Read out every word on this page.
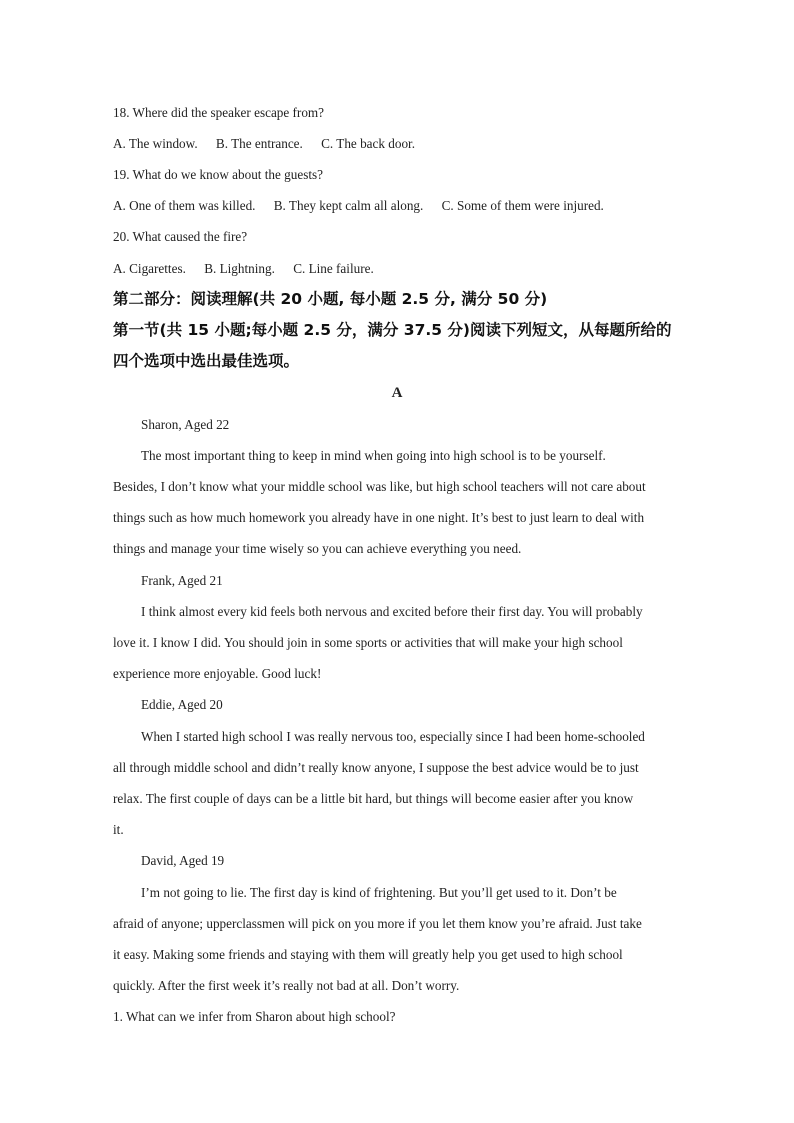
18. Where did the speaker escape from?
A. The window. B. The entrance. C. The back door.
19. What do we know about the guests?
A. One of them was killed. B. They kept calm all along. C. Some of them were injured.
20. What caused the fire?
A. Cigarettes. B. Lightning. C. Line failure.
第二部分：阅读理解(共 20 小题, 每小题 2.5 分, 满分 50 分)
第一节(共 15 小题;每小题 2.5 分，满分 37.5 分)阅读下列短文，从每题所给的
四个选项中选出最佳选项。
A
Sharon, Aged 22
The most important thing to keep in mind when going into high school is to be yourself.
Besides, I don’t know what your middle school was like, but high school teachers will not care about
things such as how much homework you already have in one night. It’s best to just learn to deal with
things and manage your time wisely so you can achieve everything you need.
Frank, Aged 21
I think almost every kid feels both nervous and excited before their first day. You will probably
love it. I know I did. You should join in some sports or activities that will make your high school
experience more enjoyable. Good luck!
Eddie, Aged 20
When I started high school I was really nervous too, especially since I had been home-schooled
all through middle school and didn’t really know anyone, I suppose the best advice would be to just
relax. The first couple of days can be a little bit hard, but things will become easier after you know
it.
David, Aged 19
I’m not going to lie. The first day is kind of frightening. But you’ll get used to it. Don’t be
afraid of anyone; upperclassmen will pick on you more if you let them know you’re afraid. Just take
it easy. Making some friends and staying with them will greatly help you get used to high school
quickly. After the first week it’s really not bad at all. Don’t worry.
1. What can we infer from Sharon about high school?
